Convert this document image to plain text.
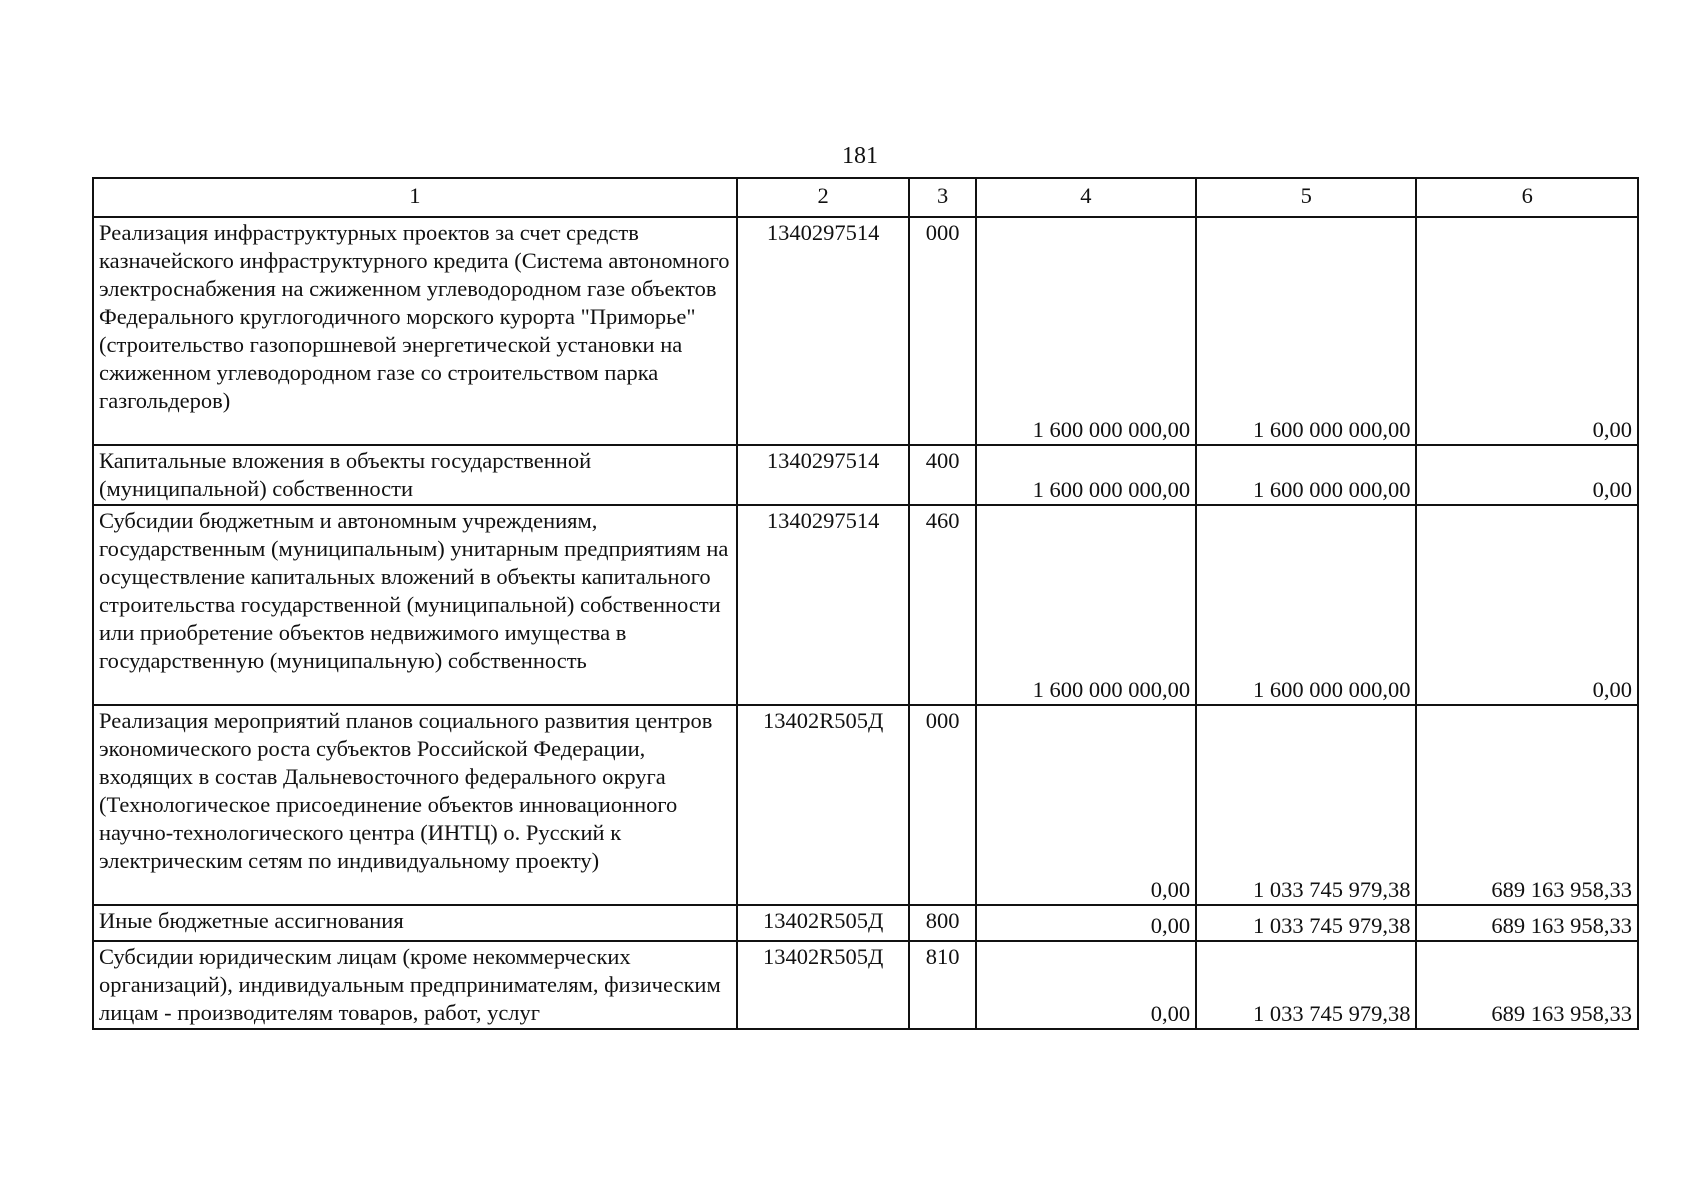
181
1	2	3	4	5	6
Реализация инфраструктурных проектов за счет средств казначейского инфраструктурного кредита (Система автономного электроснабжения на сжиженном углеводородном газе объектов Федерального круглогодичного морского курорта "Приморье" (строительство газопоршневой энергетической установки на сжиженном углеводородном газе со строительством парка газгольдеров)	1340297514	000	1 600 000 000,00	1 600 000 000,00	0,00
Капитальные вложения в объекты государственной (муниципальной) собственности	1340297514	400	1 600 000 000,00	1 600 000 000,00	0,00
Субсидии бюджетным и автономным учреждениям, государственным (муниципальным) унитарным предприятиям на осуществление капитальных вложений в объекты капитального строительства государственной (муниципальной) собственности или приобретение объектов недвижимого имущества в государственную (муниципальную) собственность	1340297514	460	1 600 000 000,00	1 600 000 000,00	0,00
Реализация мероприятий планов социального развития центров экономического роста субъектов Российской Федерации, входящих в состав Дальневосточного федерального округа (Технологическое присоединение объектов инновационного научно-технологического центра (ИНТЦ) о. Русский к электрическим сетям по индивидуальному проекту)	13402R505Д	000	0,00	1 033 745 979,38	689 163 958,33
Иные бюджетные ассигнования	13402R505Д	800	0,00	1 033 745 979,38	689 163 958,33
Субсидии юридическим лицам (кроме некоммерческих организаций), индивидуальным предпринимателям, физическим лицам - производителям товаров, работ, услуг	13402R505Д	810	0,00	1 033 745 979,38	689 163 958,33
